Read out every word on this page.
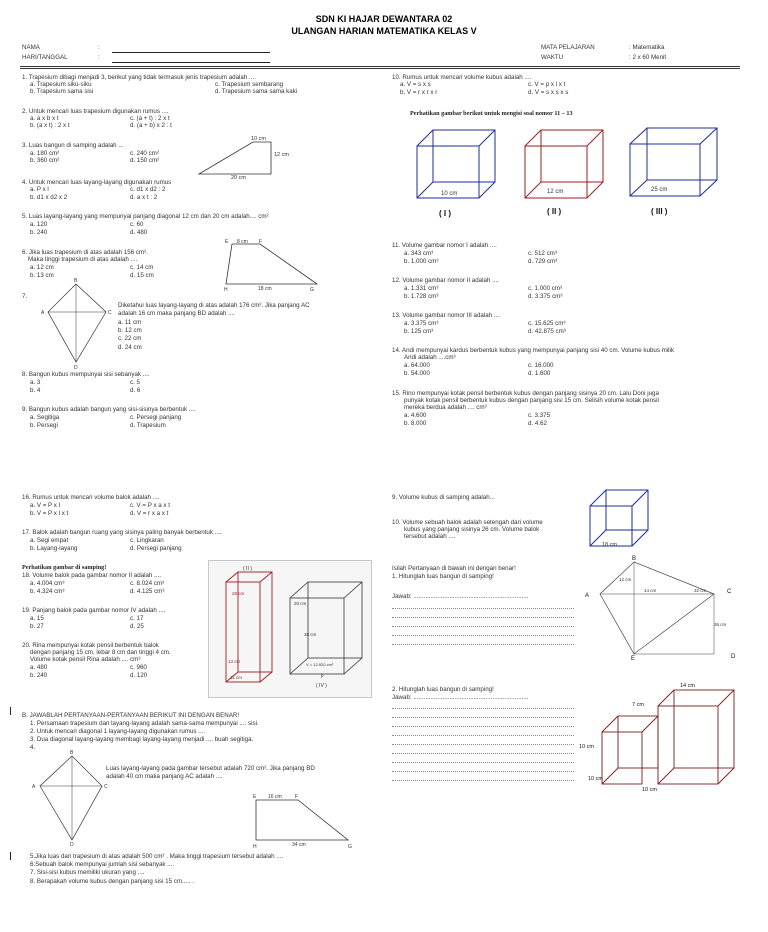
SDN KI HAJAR DEWANTARA 02
ULANGAN HARIAN MATEMATIKA KELAS V
NAMA	:
HARI/TANGGAL	:
MATA PELAJARAN	: Matematika
WAKTU	: 2 x 60 Menit
1. Trapesium dibagi menjadi 3, berikut yang tidak termasuk jenis trapesium adalah ....
a. Trapesium siku-siku	c. Trapesium sembarang
b. Trapesium sama sisi	d. Trapesium sama sama kaki
2. Untuk mencari luas trapesium digunakan rumus ....
a. a x b x t	c. (a + t) : 2 x t
b. (a x t) : 2 x t	d. (a + b) x 2 : t
3. Luas bangun di samping adalah ...
a. 180 cm²	c. 240 cm²
b. 360 cm²	d. 150 cm²
10 cm
12 cm
20 cm
4. Untuk mencari luas layang-layang digunakan rumus
a. P x l	c. d1 x d2 : 2
b. d1 x d2 x 2	d. a x t : 2
5. Luas layang-layang yang mempunyai panjang diagonal 12 cm dan 20 cm adalah.... cm²
a. 120	c. 60
b. 240	d. 480
E 8 cm F
H	18 cm	G
6. Jika luas trapesium di atas adalah 156 cm².
Maka tinggi trapesium di atas adalah ....
a. 12 cm	c. 14 cm
b. 13 cm	d. 15 cm
7.
B
A	C
D
Diketahui luas layang-layang di atas adalah 176 cm². Jika panjang AC
adalah 16 cm maka panjang BD adalah ....
a. 11 cm
b. 12 cm
c. 22 cm
d. 24 cm
8. Bangun kubus mempunyai sisi sebanyak ....
a. 3	c. 5
b. 4	d. 6
9. Bangun kubus adalah bangun yang sisi-sisinya berbentuk ....
a. Segitiga	c. Persegi panjang
b. Persegi	d. Trapesium
10. Rumus untuk mencari volume kubus adalah ....
a. V = s x s	c. V = p x l x t
b. V = r x r x r	d. V = s x s x s
Perhatikan gambar berikut untuk mengisi soal nomor 11 – 13
10 cm	12 cm	25 cm
( I )	( II )	( III )
11. Volume gambar nomor I adalah ....
a. 343 cm³	c. 512 cm³
b. 1.000 cm³	d. 729 cm³
12. Volume gambar nomor II adalah ....
a. 1.331 cm³	c. 1.000 cm³
b. 1.728 cm³	d. 3.375 cm³
13. Volume gambar nomor III adalah ....
a. 3.375 cm³	c. 15.625 cm³
b. 125 cm³	d. 42.875 cm³
14. Andi mempunyai kardus berbentuk kubus yang mempunyai panjang sisi 40 cm. Volume kubus milik
Andi adalah ....cm³
a. 64.000	c. 16.000
b. 54.000	d. 1.600
15. Rino mempunyai kotak pensil berbentuk kubus dengan panjang sisinya 20 cm. Lalu Doni juga
punyak kotak pensil berbentuk kubus dengan panjang sisi 15 cm. Selisih volume kotak pensil
mereka berdua adalah .... cm³
a. 4.600	c. 3.375
b. 8.000	d. 4.62
16. Rumus untuk mencari volume balok adalah ....
a. V = P x l	c. V = P x a x t
b. V = P x l x t	d. V = r x a x t
17. Balok adalah bangun ruang yang sisinya paling banyak berbentuk ....
a. Segi empat	c. Lingkaran
b. Layang-layang	d. Persegi panjang
Perhatikan gambar di samping!
18. Volume balok pada gambar nomor II adalah ....
a. 4.004 cm³	c. 8.024 cm³
b. 4.324 cm³	d. 4.125 cm³
19. Panjang balok pada gambar nomor IV adalah ....
a. 15	c. 17
b. 27	d. 25
20. Rina mempunyai kotak pensil berbentuk balok
dengan panjang 15 cm, lebar 8 cm dan tinggi 4 cm.
Volume kotak pensil Rina adalah .... cm³
a. 480	c. 960
b. 240	d. 120
( II )
28 cm
13 cm
11 cm
20 cm
38 cm
V = 12.920 cm³
p
( IV )
9. Volume kubus di samping adalah...
10. Volume sebuah balok adalah setengah dari volume
kubus yang panjang sisinya 26 cm. Volume balok
tersebut adalah ....
18 cm
Isilah Pertanyaan di bawah ini dengan benar!
1. Hitunglah luas bangun di samping!
Jawab: ...................................................................
B
A
C
E	D
12 cm
14 cm	32 cm
36 cm
2. Hitunglah luas bangun di samping!
Jawab: ...................................................................
14 cm
7 cm
10 cm
10 cm
10 cm
B. JAWABLAH PERTANYAAN-PERTANYAAN BERIKUT INI DENGAN BENAR!
1. Persamaan trapesium dan layang-layang adalah sama-sama mempunyai .... sisi.
2. Untuk mencari diagonal 1 layang-layang digunakan rumus ....
3. Dua diagonal layang-layang membagi layang-layang menjadi .... buah segitiga.
4.
Luas layang-layang pada gambar tersebut adalah 720 cm². Jika panjang BD
adalah 40 cm maka panjang AC adalah ....
B
A	C
D
E 16 cm	F
H	34 cm	G
5.Jika luas dari trapesium di atas adalah 500 cm² . Maka tinggi trapesium tersebut adalah ....
6.Sebuah balok mempunyai jumlah sisi sebanyak ....
7. Sisi-sisi kubus memiliki ukuran yang ....
8. Berapakah volume kubus dengan panjang sisi 15 cm..... .
